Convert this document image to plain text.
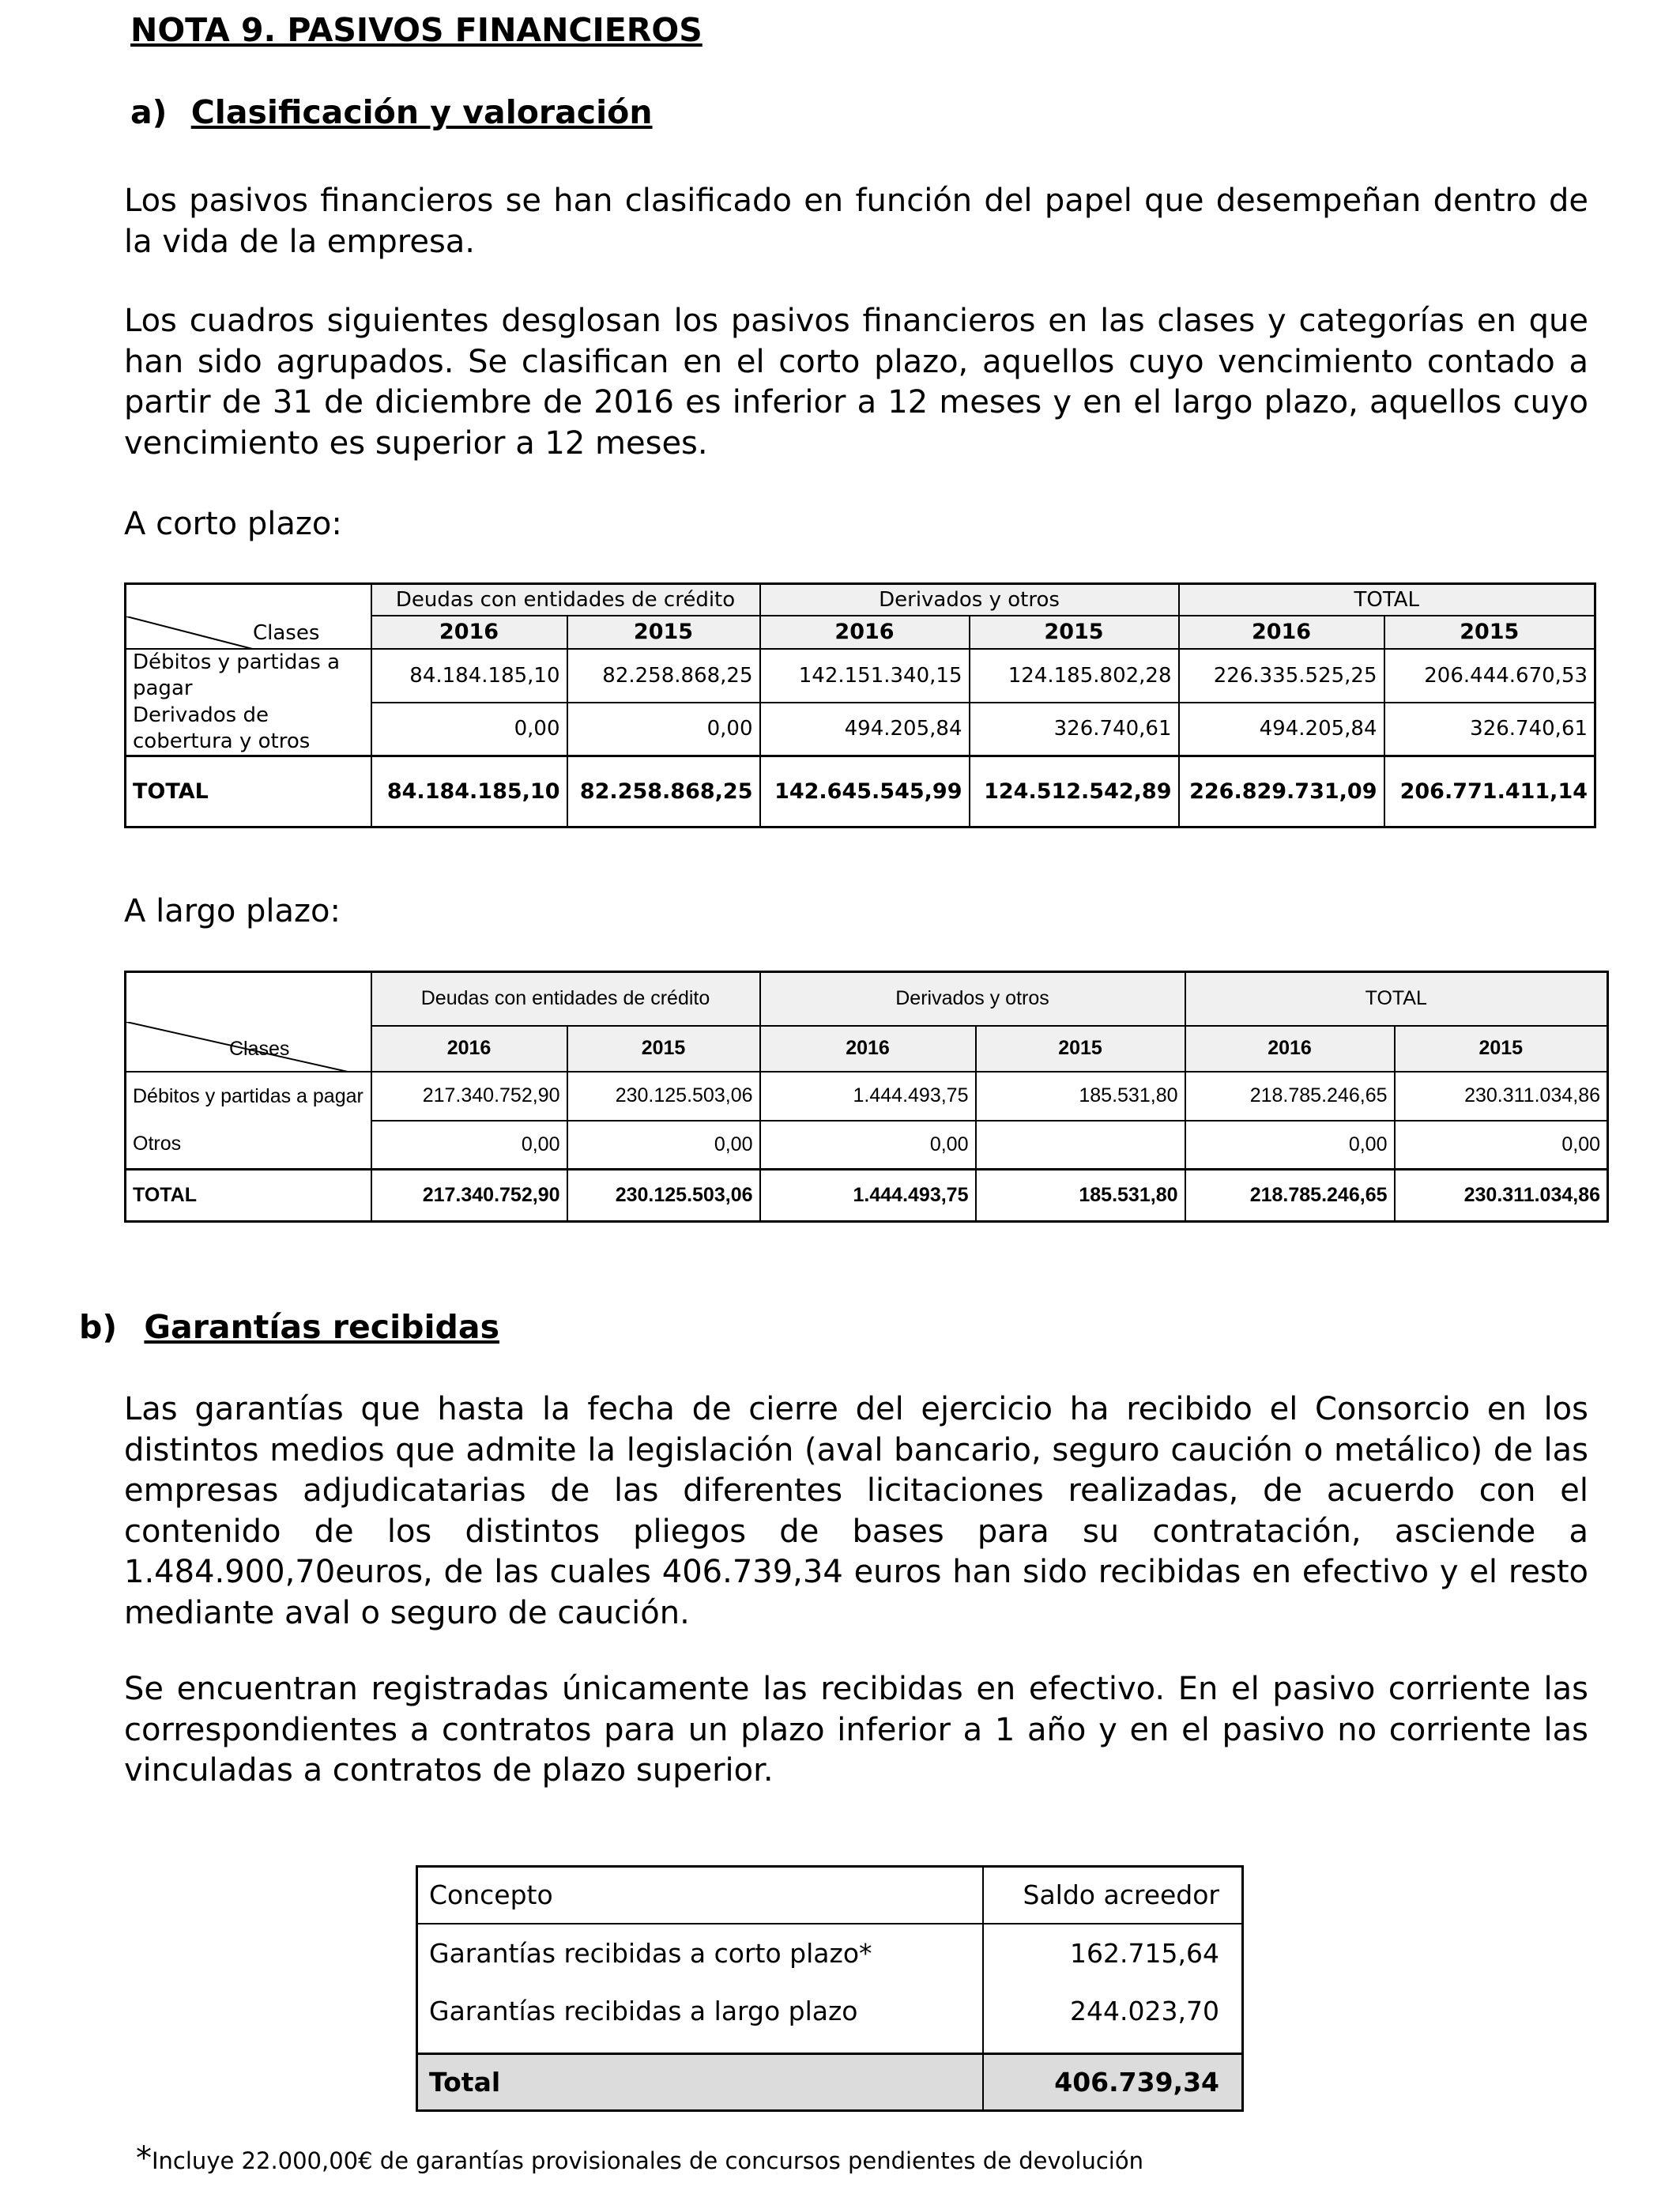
NOTA 9. PASIVOS FINANCIEROS
a) Clasificación y valoración
Los pasivos financieros se han clasificado en función del papel que desempeñan dentro de la vida de la empresa.
Los cuadros siguientes desglosan los pasivos financieros en las clases y categorías en que han sido agrupados. Se clasifican en el corto plazo, aquellos cuyo vencimiento contado a partir de 31 de diciembre de 2016 es inferior a 12 meses y en el largo plazo, aquellos cuyo vencimiento es superior a 12 meses.
A corto plazo:
Clases	Deudas con entidades de crédito		Derivados y otros		TOTAL	
	2016	2015	2016	2015	2016	2015
Débitos y partidas a pagar	84.184.185,10	82.258.868,25	142.151.340,15	124.185.802,28	226.335.525,25	206.444.670,53
Derivados de cobertura y otros	0,00	0,00	494.205,84	326.740,61	494.205,84	326.740,61
TOTAL	84.184.185,10	82.258.868,25	142.645.545,99	124.512.542,89	226.829.731,09	206.771.411,14
A largo plazo:
Clases	Deudas con entidades de crédito		Derivados y otros		TOTAL	
	2016	2015	2016	2015	2016	2015
Débitos y partidas a pagar	217.340.752,90	230.125.503,06	1.444.493,75	185.531,80	218.785.246,65	230.311.034,86
Otros	0,00	0,00	0,00		0,00	0,00
TOTAL	217.340.752,90	230.125.503,06	1.444.493,75	185.531,80	218.785.246,65	230.311.034,86
b) Garantías recibidas
Las garantías que hasta la fecha de cierre del ejercicio ha recibido el Consorcio en los distintos medios que admite la legislación (aval bancario, seguro caución o metálico) de las empresas adjudicatarias de las diferentes licitaciones realizadas, de acuerdo con el contenido de los distintos pliegos de bases para su contratación, asciende a 1.484.900,70euros, de las cuales 406.739,34 euros han sido recibidas en efectivo y el resto mediante aval o seguro de caución.
Se encuentran registradas únicamente las recibidas en efectivo. En el pasivo corriente las correspondientes a contratos para un plazo inferior a 1 año y en el pasivo no corriente las vinculadas a contratos de plazo superior.
Concepto	Saldo acreedor
Garantías recibidas a corto plazo*	162.715,64
Garantías recibidas a largo plazo	244.023,70

Total	406.739,34
*Incluye 22.000,00€ de garantías provisionales de concursos pendientes de devolución
